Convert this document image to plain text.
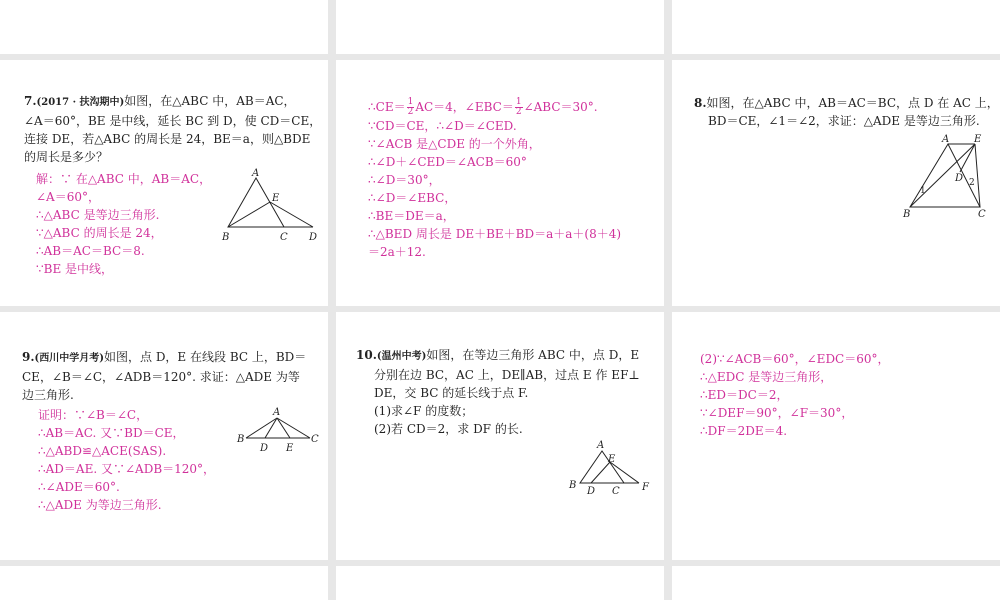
7.(2017 · 扶沟期中)如图，在△ABC 中，AB＝AC，
∠A＝60°，BE 是中线，延长 BC 到 D，使 CD＝CE，
连接 DE，若△ABC 的周长是 24，BE＝a，则△BDE
的周长是多少？
解：∵ 在△ABC 中，AB＝AC，
∠A＝60°，
∴△ABC 是等边三角形.
∵△ABC 的周长是 24，
∴AB＝AC＝BC＝8.
∵BE 是中线，
A
E
B	C D
∴CE＝ $\frac{1}{2} AC=4$，∠EBC＝ $\frac{1}{2}$ ∠ABC＝30°.
∵CD＝CE，∴∠D＝∠CED.
∵∠ACB 是△CDE 的一个外角，
∴∠D＋∠CED＝∠ACB＝60°
∴∠D＝30°，
∴∠D＝∠EBC，
∴BE＝DE＝a，
∴△BED 周长是 DE＋BE＋BD＝a＋a＋(8＋4)
＝2a＋12.
8.如图，在△ABC 中，AB＝AC＝BC，点 D 在 AC 上，
BD＝CE，∠1＝∠2，求证：△ADE 是等边三角形.
A E
D
1
2
B	C
9.(西川中学月考)如图，点 D，E 在线段 BC 上，BD＝
CE，∠B＝∠C，∠ADB＝120°. 求证：△ADE 为等
边三角形.
证明：∵∠B＝∠C，
∴AB＝AC. 又∵BD＝CE，
∴△ABD≌△ACE(SAS).
∴AD＝AE. 又∵∠ADB＝120°，
∴∠ADE＝60°.
∴△ADE 为等边三角形.
A
B
D E
C
10.(温州中考)如图，在等边三角形 ABC 中，点 D，E
分别在边 BC，AC 上，DE∥AB，过点 E 作 EF⊥
DE，交 BC 的延长线于点 F.
(1)求∠F 的度数；
(2)若 CD＝2，求 DF 的长.
A
E
B
D C F
(2)∵∠ACB＝60°，∠EDC＝60°，
∴△EDC 是等边三角形，
∴ED＝DC＝2，
∵∠DEF＝90°，∠F＝30°，
∴DF＝2DE＝4.
